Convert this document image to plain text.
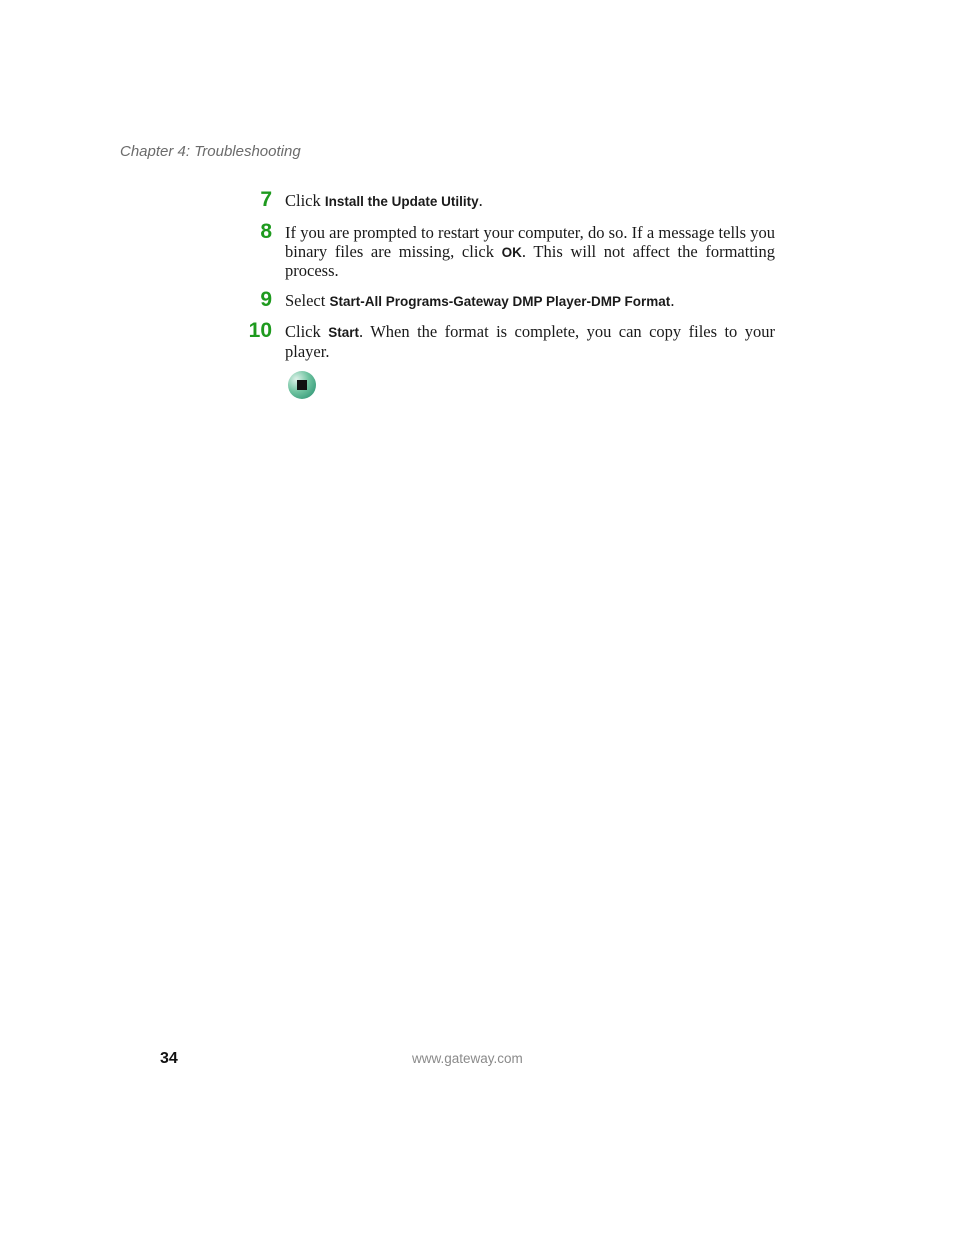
Chapter 4: Troubleshooting
7 Click Install the Update Utility.
8 If you are prompted to restart your computer, do so. If a message tells you binary files are missing, click OK. This will not affect the formatting process.
9 Select Start-All Programs-Gateway DMP Player-DMP Format.
10 Click Start. When the format is complete, you can copy files to your player.
34	www.gateway.com
